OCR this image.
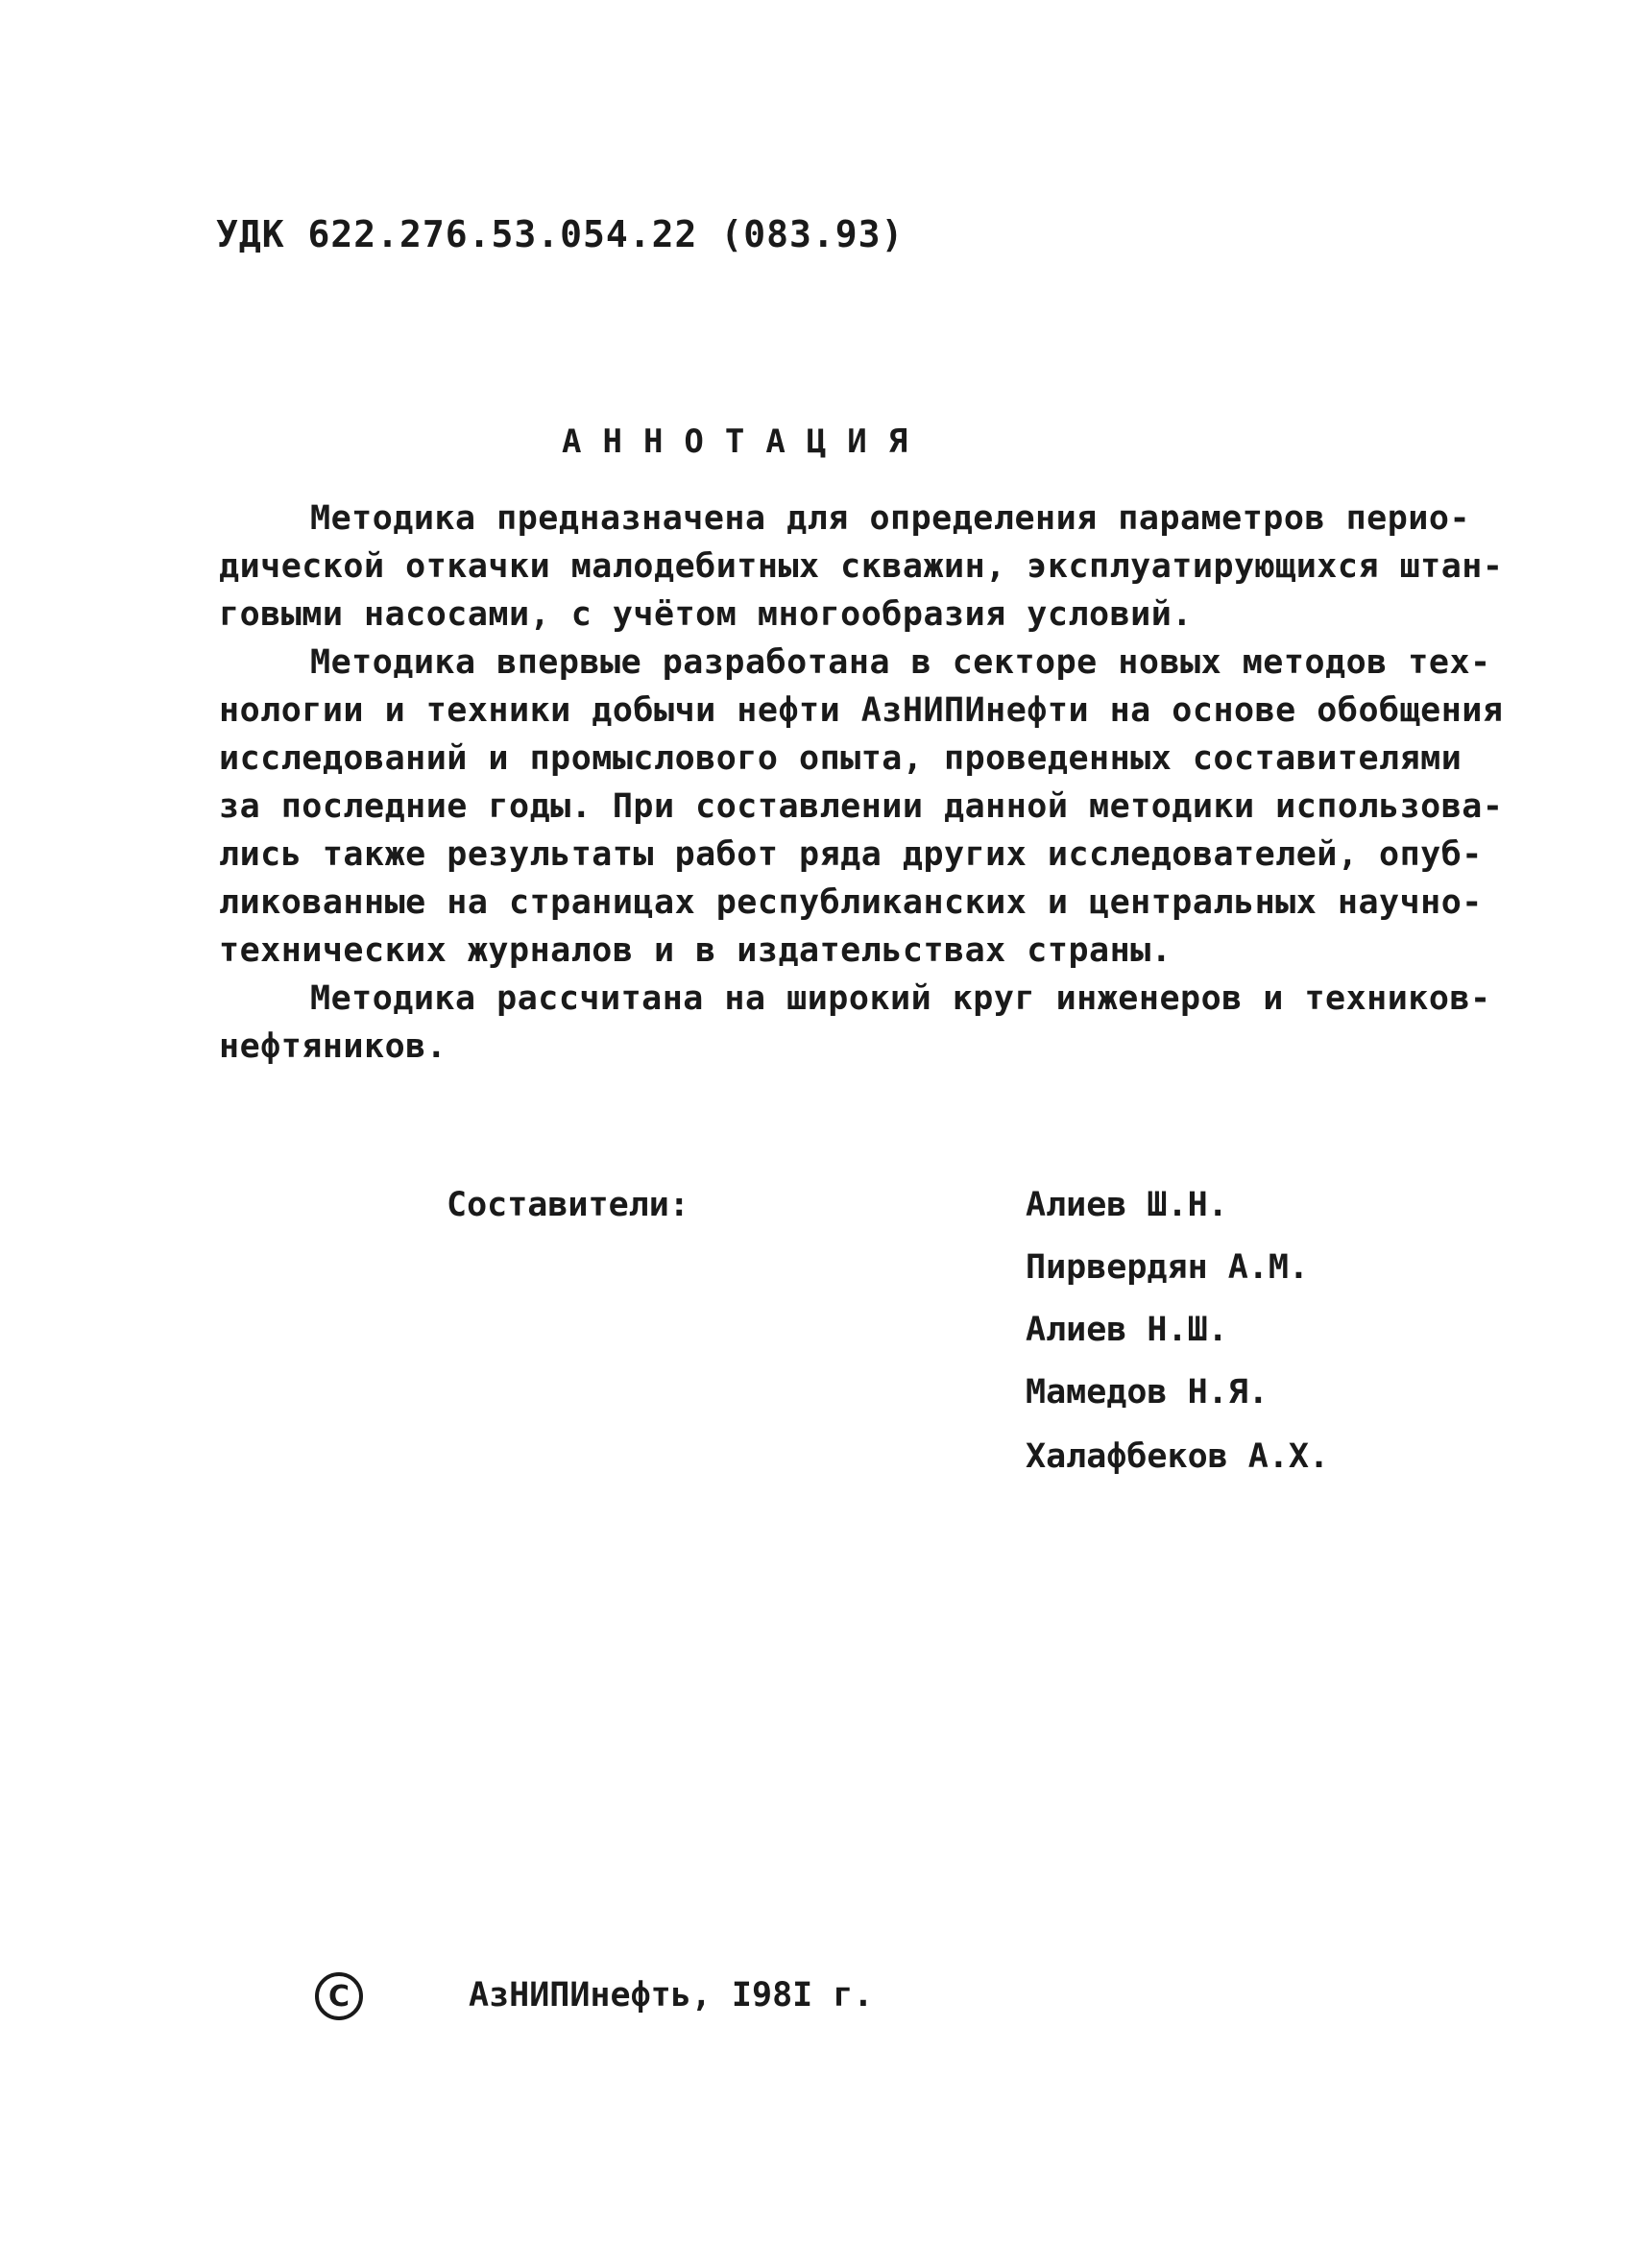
УДК 622.276.53.054.22 (083.93)
АННОТАЦИЯ
Методика предназначена для определения параметров перио-
дической откачки малодебитных скважин, эксплуатирующихся штан-
говыми насосами, с учётом многообразия условий.
Методика впервые разработана в секторе новых методов тех-
нологии и техники добычи нефти АзНИПИнефти на основе обобщения
исследований и промыслового опыта, проведенных составителями
за последние годы. При составлении данной методики использова-
лись также результаты работ ряда других исследователей, опуб-
ликованные на страницах республиканских и центральных научно-
технических журналов и в издательствах страны.
Методика рассчитана на широкий круг инженеров и техников-
нефтяников.
Составители:	Алиев Ш.Н.
Пирвердян А.М.
Алиев Н.Ш.
Мамедов Н.Я.
Халафбеков А.Х.
C	АзНИПИнефть, I98I г.
